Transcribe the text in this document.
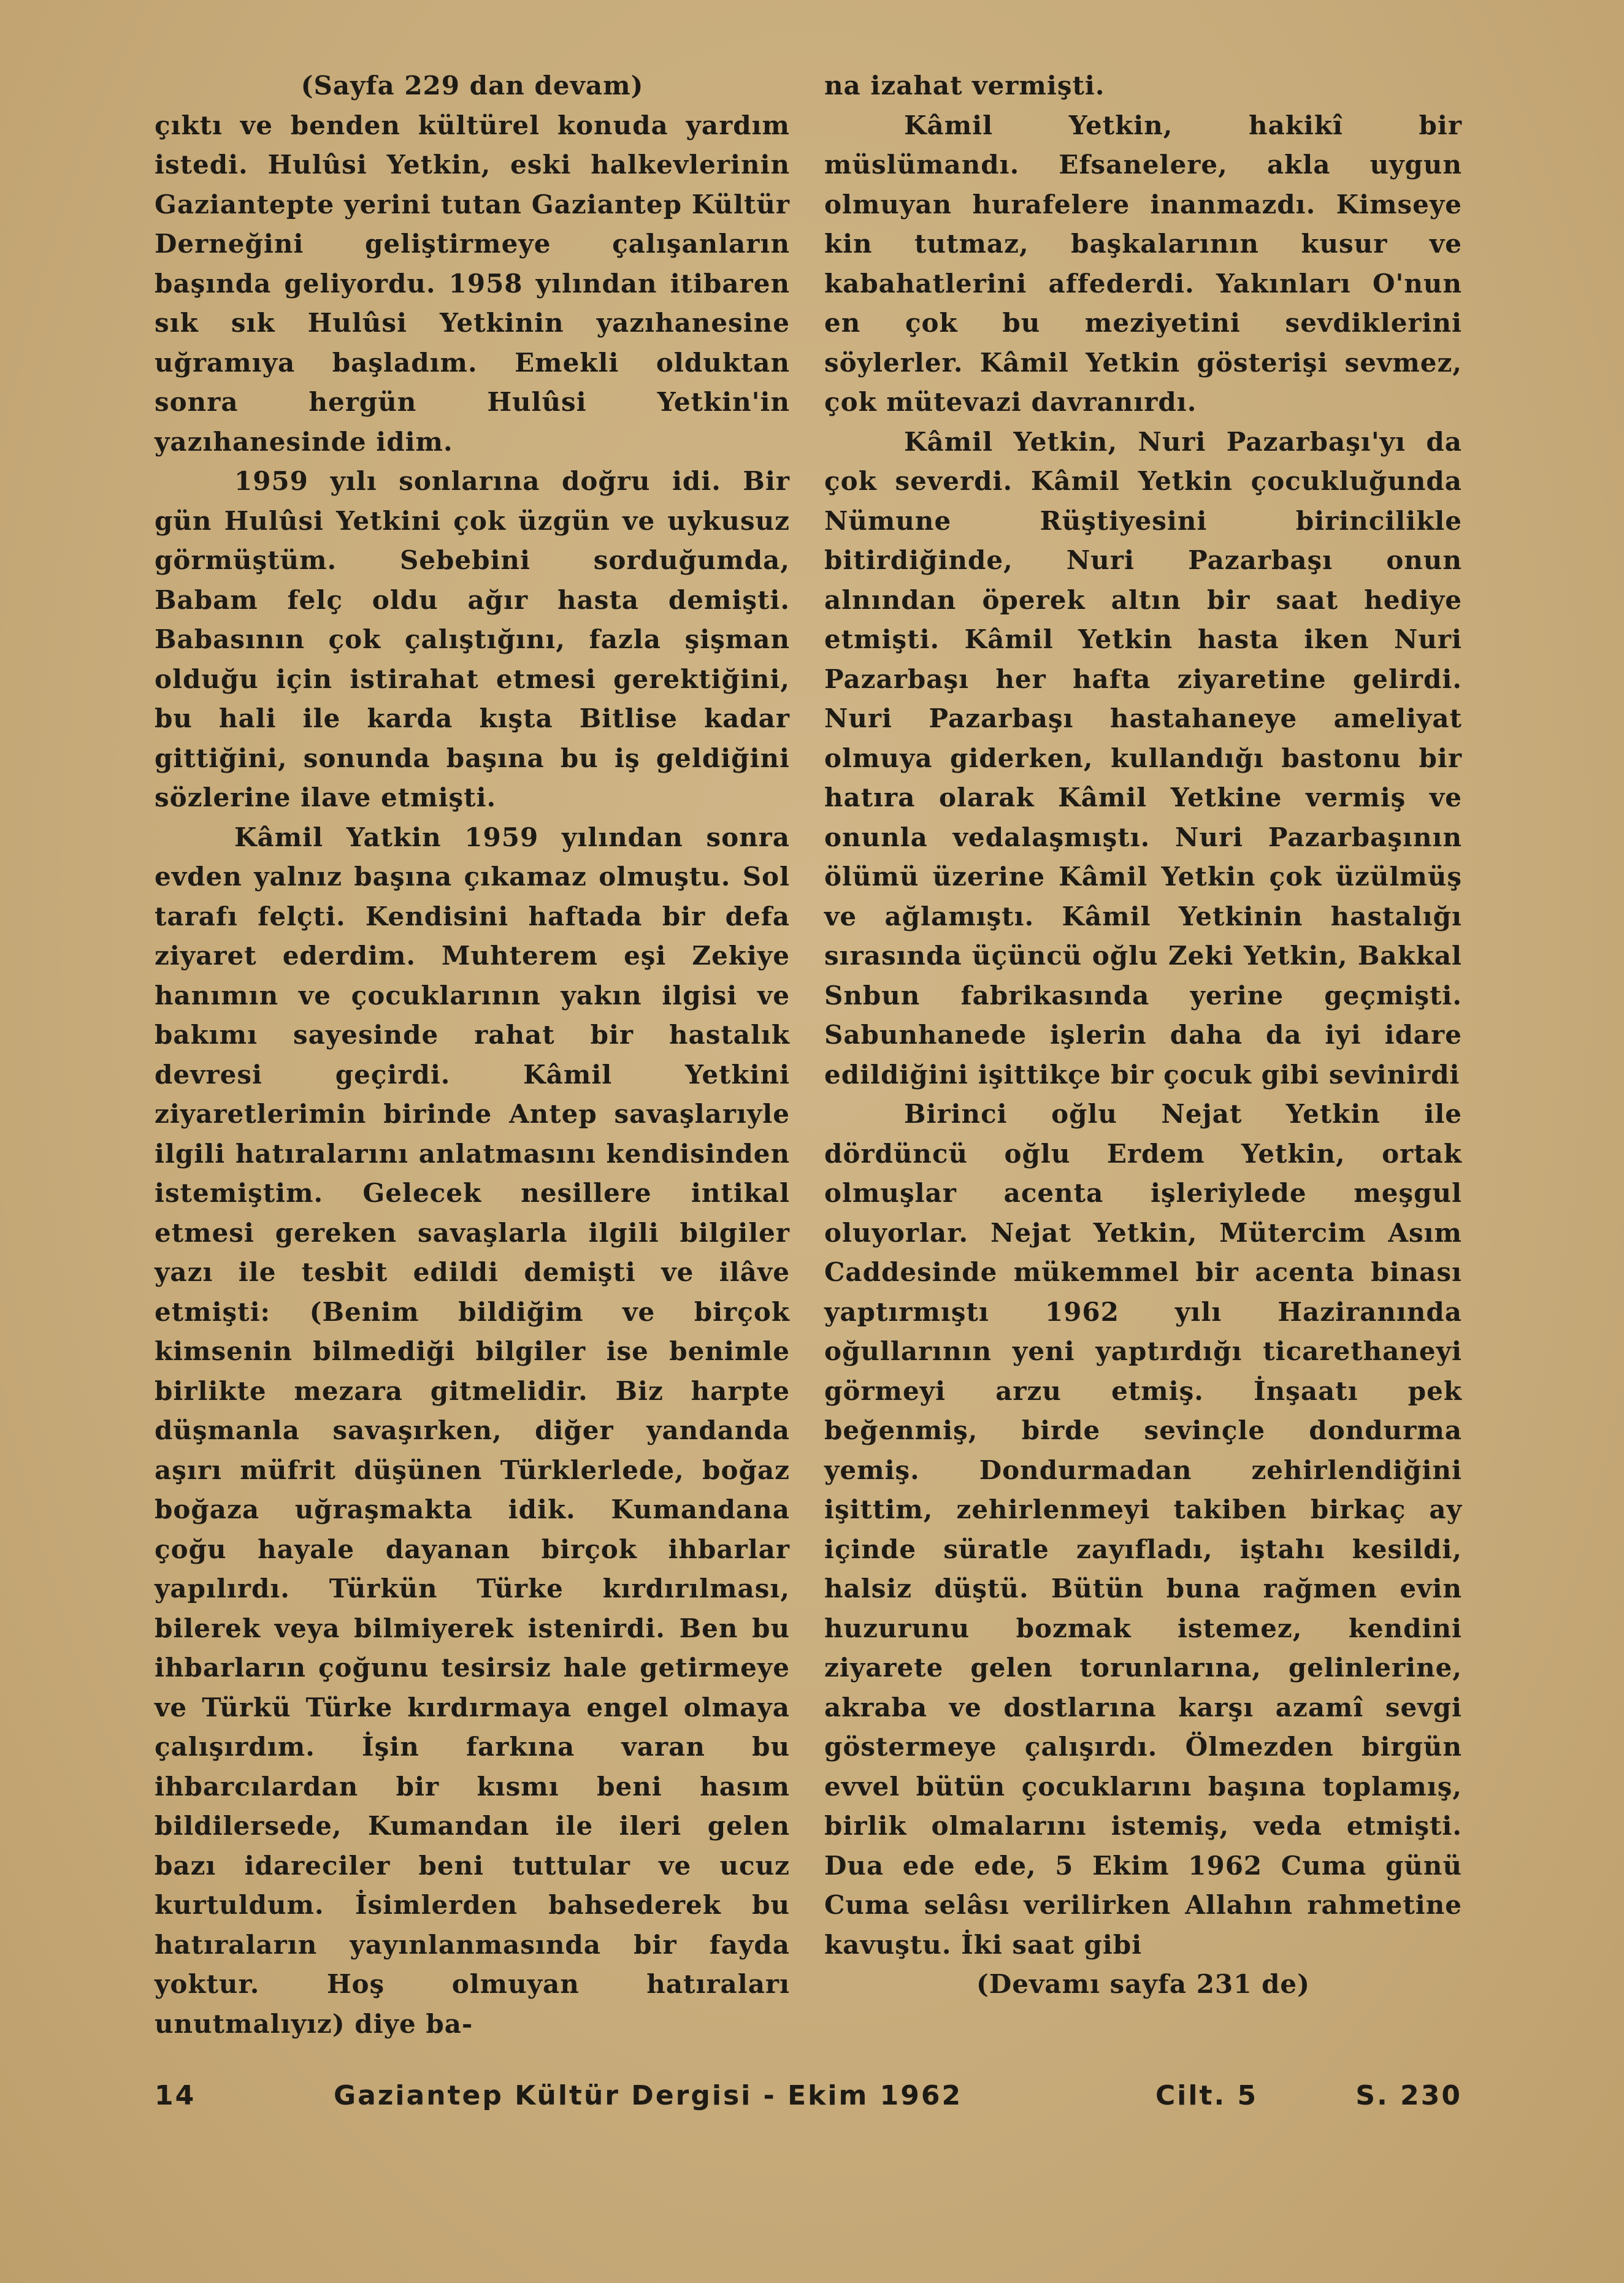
(Sayfa 229 dan devam)

çıktı ve benden kültürel konuda yardım istedi. Hulûsi Yetkin, eski halkevlerinin Gaziantepte yerini tutan Gaziantep Kültür Derneğini geliştirmeye çalışanların başında geliyordu. 1958 yılından itibaren sık sık Hulûsi Yetkinin yazıhanesine uğramıya başladım. Emekli olduktan sonra hergün Hulûsi Yetkin'in yazıhanesinde idim.

1959 yılı sonlarına doğru idi. Bir gün Hulûsi Yetkini çok üzgün ve uykusuz görmüştüm. Sebebini sorduğumda, Babam felç oldu ağır hasta demişti. Babasının çok çalıştığını, fazla şişman olduğu için istirahat etmesi gerektiğini, bu hali ile karda kışta Bitlise kadar gittiğini, sonunda başına bu iş geldiğini sözlerine ilave etmişti.

Kâmil Yatkin 1959 yılından sonra evden yalnız başına çıkamaz olmuştu. Sol tarafı felçti. Kendisini haftada bir defa ziyaret ederdim. Muhterem eşi Zekiye hanımın ve çocuklarının yakın ilgisi ve bakımı sayesinde rahat bir hastalık devresi geçirdi. Kâmil Yetkini ziyaretlerimin birinde Antep savaşlarıyle ilgili hatıralarını anlatmasını kendisinden istemiştim. Gelecek nesillere intikal etmesi gereken savaşlarla ilgili bilgiler yazı ile tesbit edildi demişti ve ilâve etmişti: (Benim bildiğim ve birçok kimsenin bilmediği bilgiler ise benimle birlikte mezara gitmelidir. Biz harpte düşmanla savaşırken, diğer yandanda aşırı müfrit düşünen Türklerlede, boğaz boğaza uğraşmakta idik. Kumandana çoğu hayale dayanan birçok ihbarlar yapılırdı. Türkün Türke kırdırılması, bilerek veya bilmiyerek istenirdi. Ben bu ihbarların çoğunu tesirsiz hale getirmeye ve Türkü Türke kırdırmaya engel olmaya çalışırdım. İşin farkına varan bu ihbarcılardan bir kısmı beni hasım bildilersede, Kumandan ile ileri gelen bazı idareciler beni tuttular ve ucuz kurtuldum. İsimlerden bahsederek bu hatıraların yayınlanmasında bir fayda yoktur. Hoş olmuyan hatıraları unutmalıyız) diye ba-

na izahat vermişti.

Kâmil Yetkin, hakikî bir müslümandı. Efsanelere, akla uygun olmuyan hurafelere inanmazdı. Kimseye kin tutmaz, başkalarının kusur ve kabahatlerini affederdi. Yakınları O'nun en çok bu meziyetini sevdiklerini söylerler. Kâmil Yetkin gösterişi sevmez, çok mütevazi davranırdı.

Kâmil Yetkin, Nuri Pazarbaşı'yı da çok severdi. Kâmil Yetkin çocukluğunda Nümune Rüştiyesini birincilikle bitirdiğinde, Nuri Pazarbaşı onun alnından öperek altın bir saat hediye etmişti. Kâmil Yetkin hasta iken Nuri Pazarbaşı her hafta ziyaretine gelirdi. Nuri Pazarbaşı hastahaneye ameliyat olmuya giderken, kullandığı bastonu bir hatıra olarak Kâmil Yetkine vermiş ve onunla vedalaşmıştı. Nuri Pazarbaşının ölümü üzerine Kâmil Yetkin çok üzülmüş ve ağlamıştı. Kâmil Yetkinin hastalığı sırasında üçüncü oğlu Zeki Yetkin, Bakkal Snbun fabrikasında yerine geçmişti. Sabunhanede işlerin daha da iyi idare edildiğini işittikçe bir çocuk gibi sevinirdi

Birinci oğlu Nejat Yetkin ile dördüncü oğlu Erdem Yetkin, ortak olmuşlar acenta işleriylede meşgul oluyorlar. Nejat Yetkin, Mütercim Asım Caddesinde mükemmel bir acenta binası yaptırmıştı 1962 yılı Haziranında oğullarının yeni yaptırdığı ticarethaneyi görmeyi arzu etmiş. İnşaatı pek beğenmiş, birde sevinçle dondurma yemiş. Dondurmadan zehirlendiğini işittim, zehirlenmeyi takiben birkaç ay içinde süratle zayıfladı, iştahı kesildi, halsiz düştü. Bütün buna rağmen evin huzurunu bozmak istemez, kendini ziyarete gelen torunlarına, gelinlerine, akraba ve dostlarına karşı azamî sevgi göstermeye çalışırdı. Ölmezden birgün evvel bütün çocuklarını başına toplamış, birlik olmalarını istemiş, veda etmişti. Dua ede ede, 5 Ekim 1962 Cuma günü Cuma selâsı verilirken Allahın rahmetine kavuştu. İki saat gibi

(Devamı sayfa 231 de)

14	Gaziantep Kültür Dergisi - Ekim 1962	Cilt. 5	S. 230
